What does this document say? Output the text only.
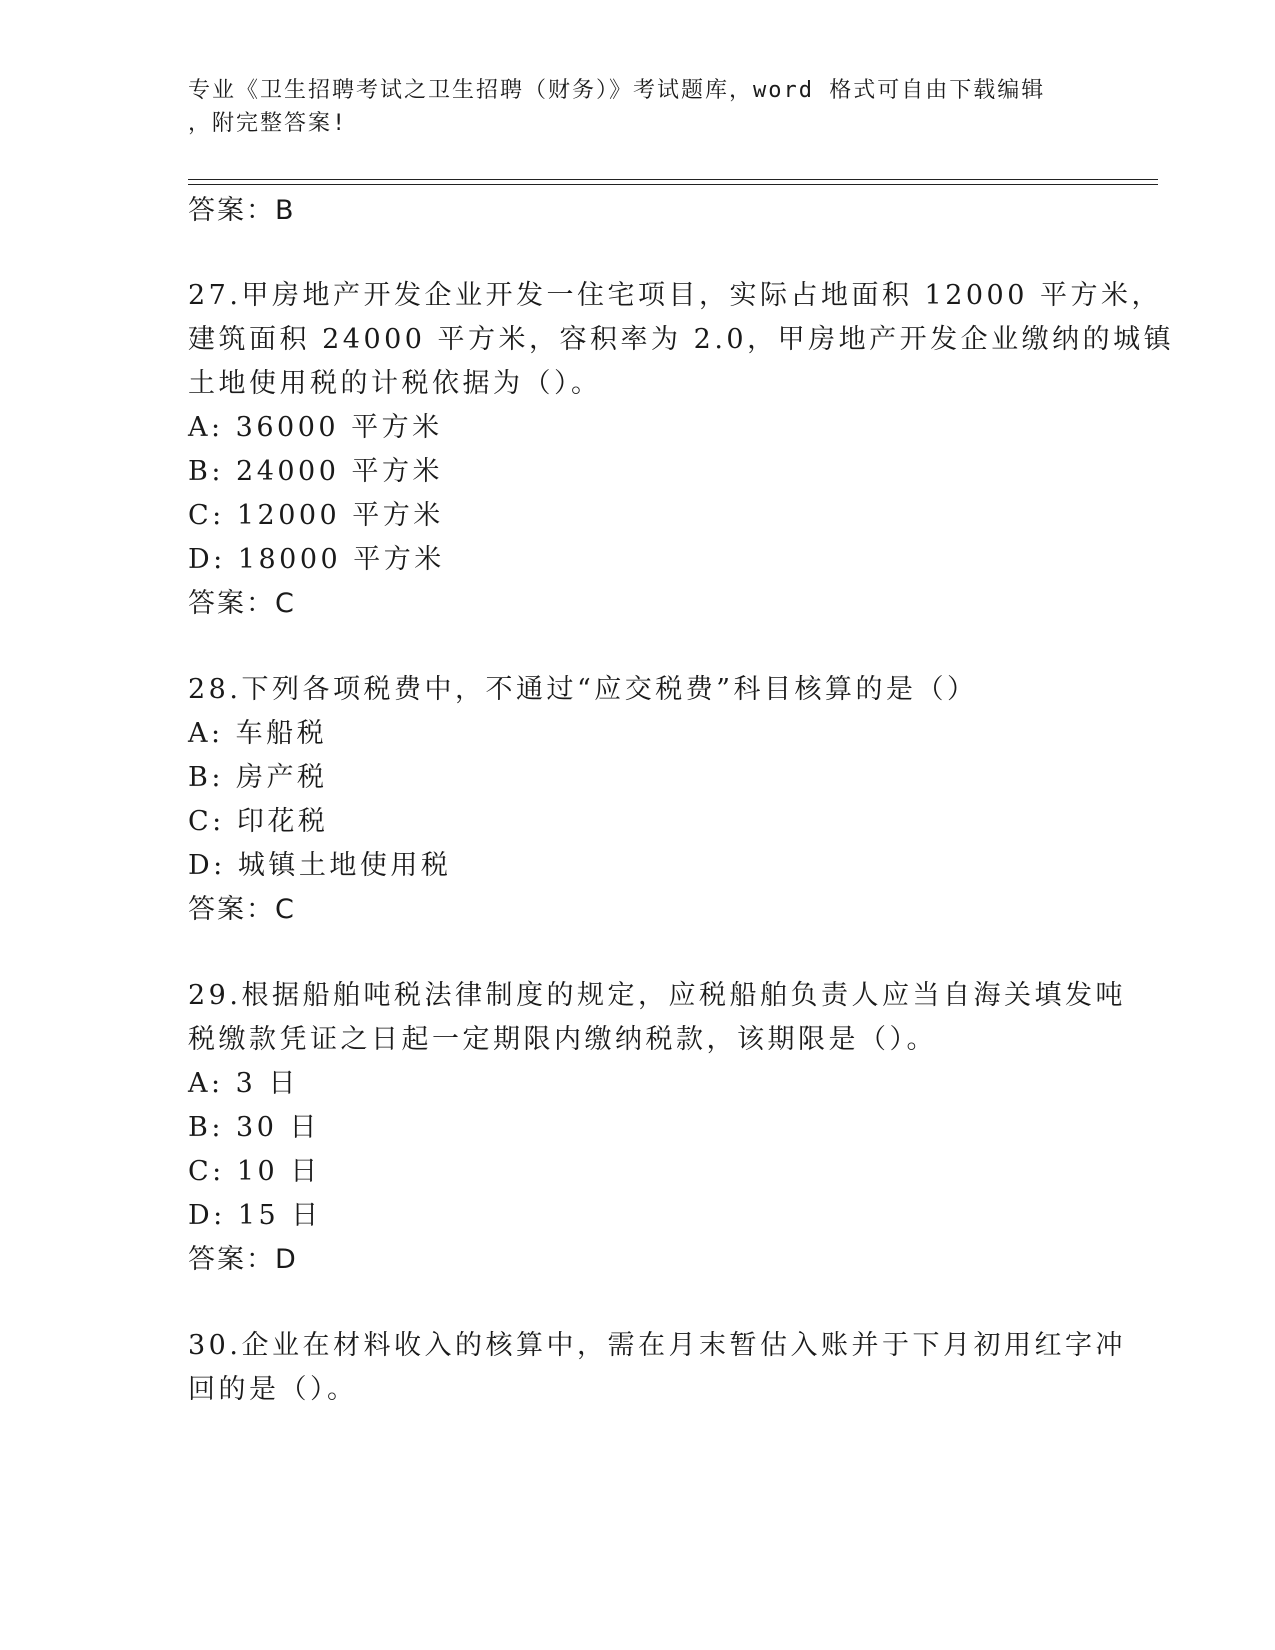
专业《卫生招聘考试之卫生招聘（财务）》考试题库，word 格式可自由下载编辑
，附完整答案!
答案：B
27.甲房地产开发企业开发一住宅项目，实际占地面积 12000 平方米，
建筑面积 24000 平方米，容积率为 2.0，甲房地产开发企业缴纳的城镇
土地使用税的计税依据为（）。
A: 36000 平方米
B: 24000 平方米
C: 12000 平方米
D: 18000 平方米
答案：C
28.下列各项税费中，不通过“应交税费”科目核算的是（）
A: 车船税
B: 房产税
C: 印花税
D: 城镇土地使用税
答案：C
29.根据船舶吨税法律制度的规定，应税船舶负责人应当自海关填发吨
税缴款凭证之日起一定期限内缴纳税款，该期限是（）。
A: 3 日
B: 30 日
C: 10 日
D: 15 日
答案：D
30.企业在材料收入的核算中，需在月末暂估入账并于下月初用红字冲
回的是（）。
